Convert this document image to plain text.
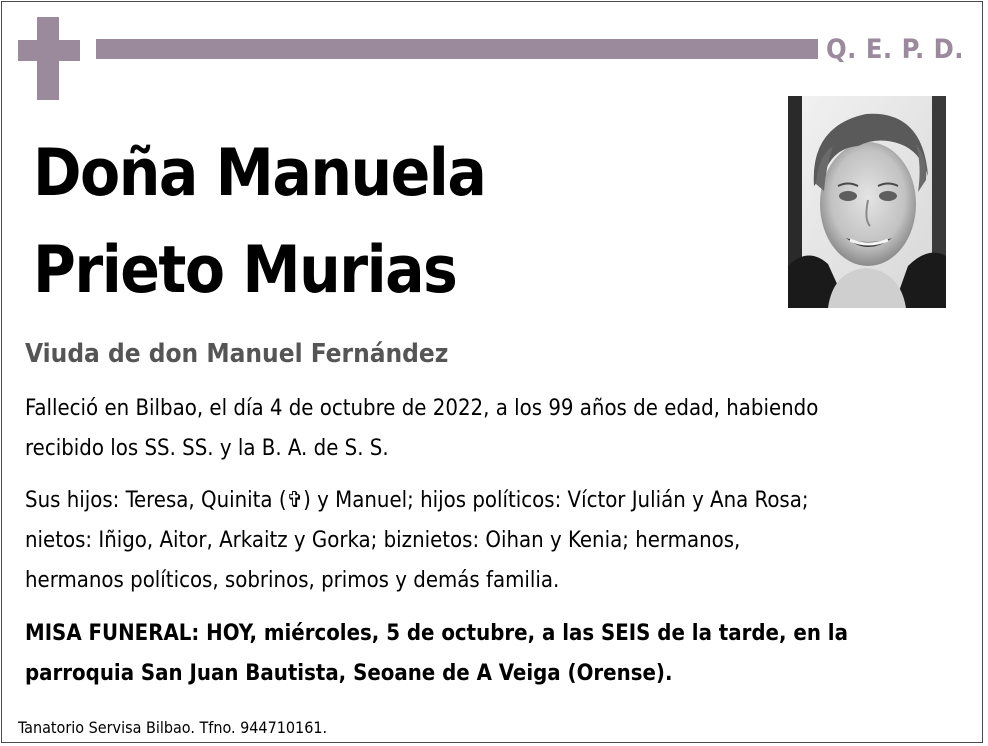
Q. E. P. D.
Doña Manuela
Prieto Murias
Viuda de don Manuel Fernández
Falleció en Bilbao, el día 4 de octubre de 2022, a los 99 años de edad, habiendo
recibido los SS. SS. y la B. A. de S. S.
Sus hijos: Teresa, Quinita (✞) y Manuel; hijos políticos: Víctor Julián y Ana Rosa;
nietos: Iñigo, Aitor, Arkaitz y Gorka; biznietos: Oihan y Kenia; hermanos,
hermanos políticos, sobrinos, primos y demás familia.
MISA FUNERAL: HOY, miércoles, 5 de octubre, a las SEIS de la tarde, en la
parroquia San Juan Bautista, Seoane de A Veiga (Orense).
Tanatorio Servisa Bilbao. Tfno. 944710161.
